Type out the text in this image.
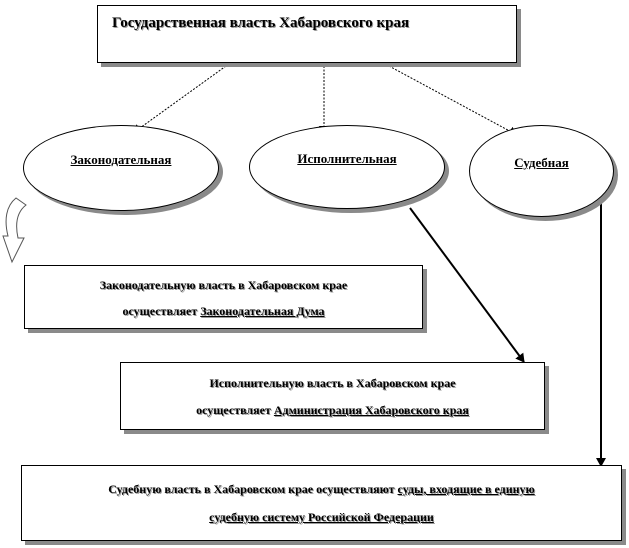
Государственная власть Хабаровского края
Законодательная	Исполнительная	Судебная
Законодательную власть в Хабаровском крае
осуществляет Законодательная Дума
Исполнительную власть в Хабаровском крае
осуществляет Администрация Хабаровского края
Судебную власть в Хабаровском крае осуществляют суды, входящие в единую
судебную систему Российской Федерации
